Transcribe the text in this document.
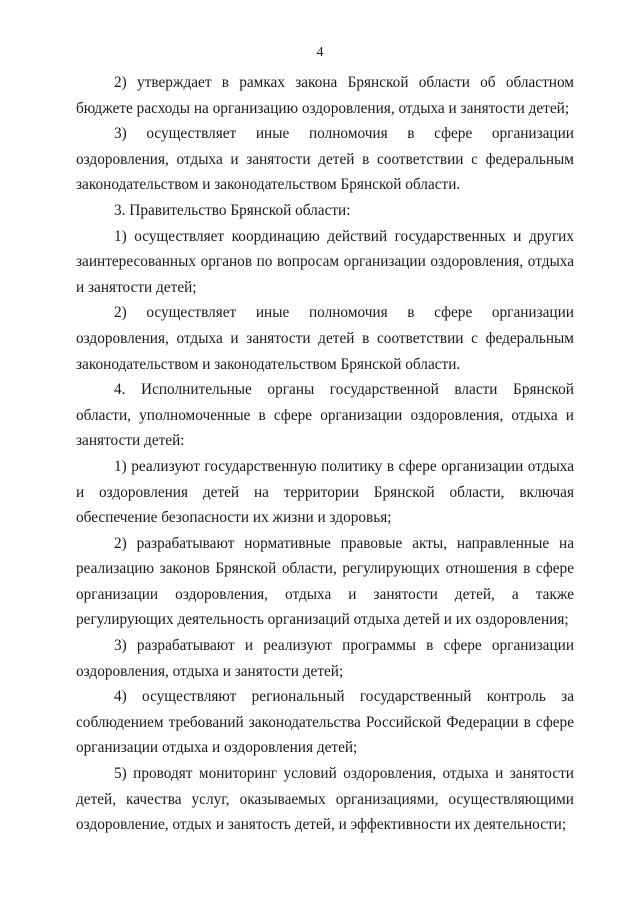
4

2) утверждает в рамках закона Брянской области об областном бюджете расходы на организацию оздоровления, отдыха и занятости детей;

3) осуществляет иные полномочия в сфере организации оздоровления, отдыха и занятости детей в соответствии с федеральным законодательством и законодательством Брянской области.

3. Правительство Брянской области:

1) осуществляет координацию действий государственных и других заинтересованных органов по вопросам организации оздоровления, отдыха и занятости детей;

2) осуществляет иные полномочия в сфере организации оздоровления, отдыха и занятости детей в соответствии с федеральным законодательством и законодательством Брянской области.

4. Исполнительные органы государственной власти Брянской области, уполномоченные в сфере организации оздоровления, отдыха и занятости детей:

1) реализуют государственную политику в сфере организации отдыха и оздоровления детей на территории Брянской области, включая обеспечение безопасности их жизни и здоровья;

2) разрабатывают нормативные правовые акты, направленные на реализацию законов Брянской области, регулирующих отношения в сфере организации оздоровления, отдыха и занятости детей, а также регулирующих деятельность организаций отдыха детей и их оздоровления;

3) разрабатывают и реализуют программы в сфере организации оздоровления, отдыха и занятости детей;

4) осуществляют региональный государственный контроль за соблюдением требований законодательства Российской Федерации в сфере организации отдыха и оздоровления детей;

5) проводят мониторинг условий оздоровления, отдыха и занятости детей, качества услуг, оказываемых организациями, осуществляющими оздоровление, отдых и занятость детей, и эффективности их деятельности;
